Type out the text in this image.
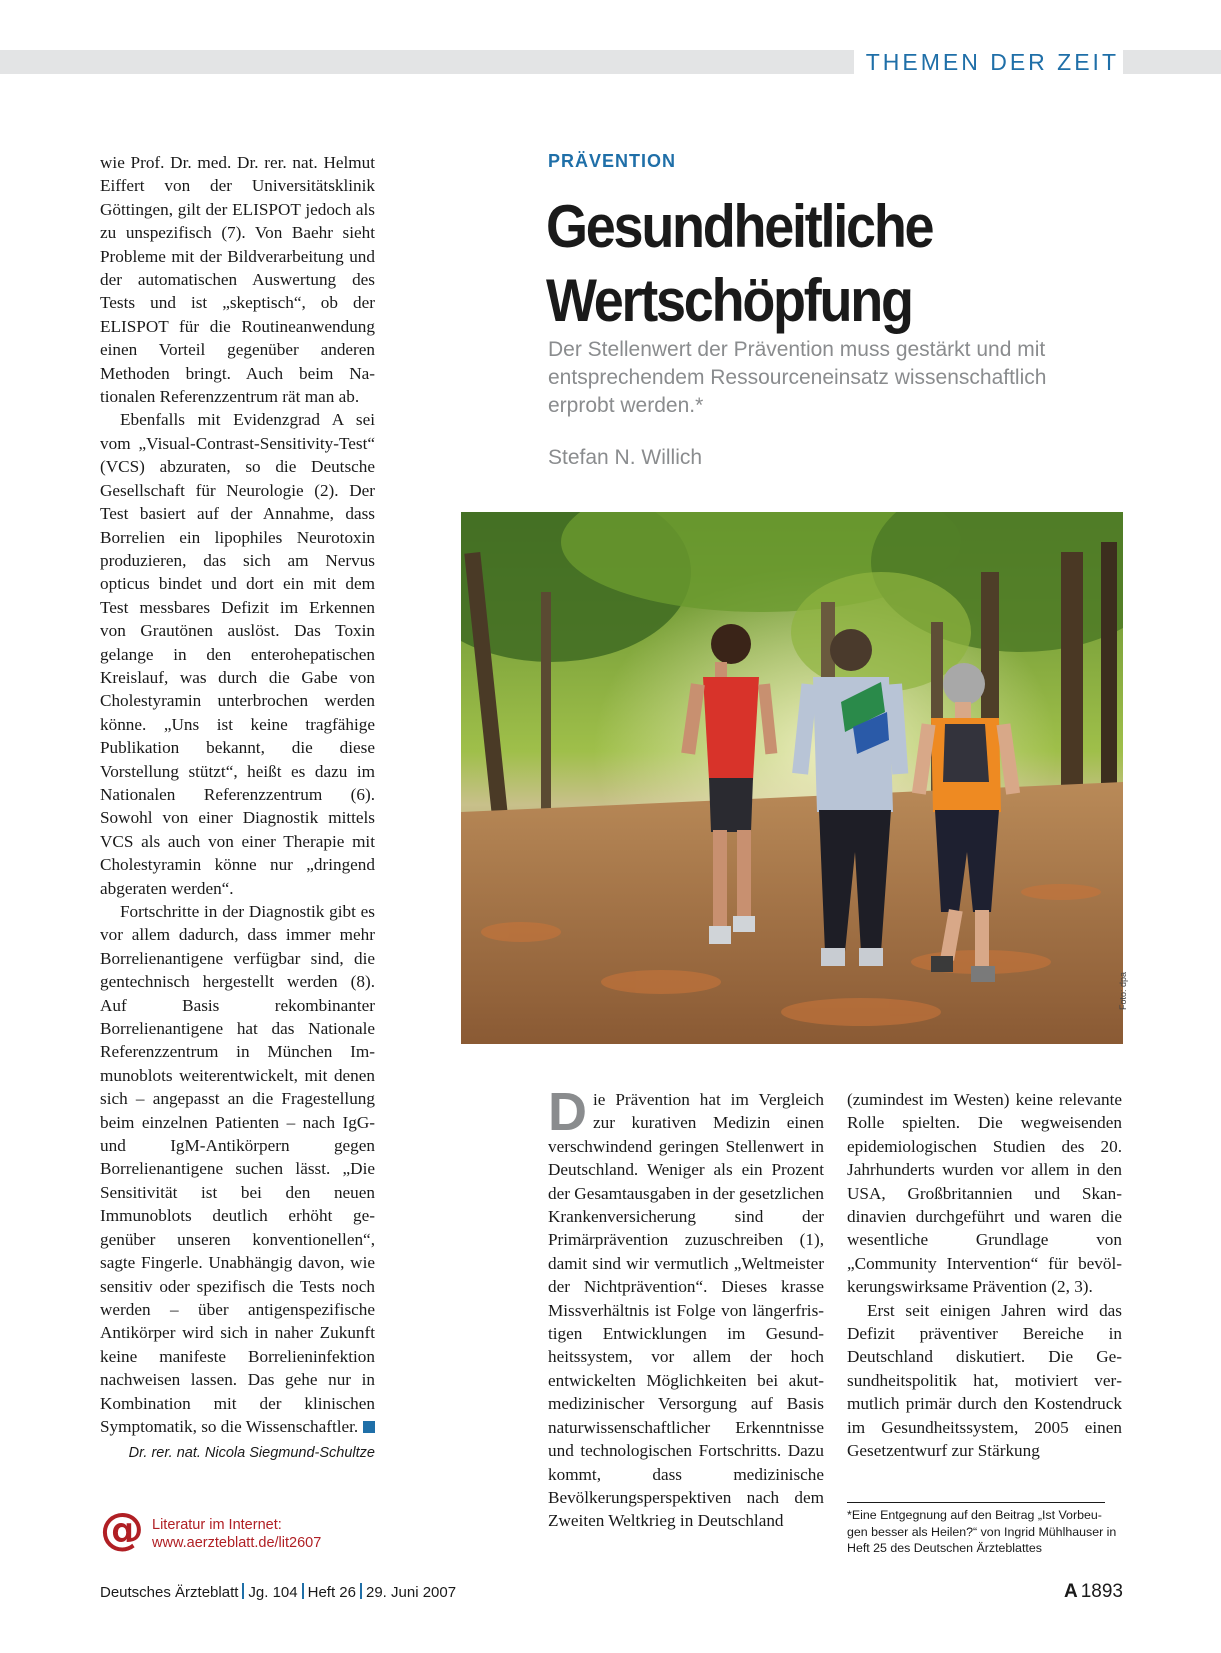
THEMEN DER ZEIT

wie Prof. Dr. med. Dr. rer. nat. Helmut Eiffert von der Universitätsklinik Göttingen, gilt der ELISPOT jedoch als zu unspezifisch (7). Von Baehr sieht Probleme mit der Bildverarbeitung und der automatischen Auswertung des Tests und ist „skeptisch“, ob der ELISPOT für die Routineanwendung einen Vorteil gegenüber anderen Methoden bringt. Auch beim Nationalen Referenzzentrum rät man ab.

Ebenfalls mit Evidenzgrad A sei vom „Visual-Contrast-Sensitivity-Test“ (VCS) abzuraten, so die Deutsche Gesellschaft für Neurologie (2). Der Test basiert auf der Annahme, dass Borrelien ein lipophiles Neurotoxin produzieren, das sich am Nervus opticus bindet und dort ein mit dem Test messbares Defizit im Erkennen von Grautönen auslöst. Das Toxin gelange in den enterohepatischen Kreislauf, was durch die Gabe von Cholestyramin unterbrochen werden könne. „Uns ist keine tragfähige Publikation bekannt, die diese Vorstellung stützt“, heißt es dazu im Nationalen Referenzzentrum (6). Sowohl von einer Diagnostik mittels VCS als auch von einer Therapie mit Cholestyramin könne nur „dringend abgeraten werden“.

Fortschritte in der Diagnostik gibt es vor allem dadurch, dass immer mehr Borrelienantigene verfügbar sind, die gentechnisch hergestellt werden (8). Auf Basis rekombinanter Borrelienantigene hat das Nationale Referenzzentrum in München Immunoblots weiterentwickelt, mit denen sich – angepasst an die Fragestellung beim einzelnen Patienten – nach IgG- und IgM-Antikörpern gegen Borrelienantigene suchen lässt. „Die Sensitivität ist bei den neuen Immunoblots deutlich erhöht gegenüber unseren konventionellen“, sagte Fingerle. Unabhängig davon, wie sensitiv oder spezifisch die Tests noch werden – über antigenspezifische Antikörper wird sich in naher Zukunft keine manifeste Borrelieninfektion nachweisen lassen. Das gehe nur in Kombination mit der klinischen Symptomatik, so die Wissenschaftler.

Dr. rer. nat. Nicola Siegmund-Schultze
@ Literatur im Internet:
www.aerzteblatt.de/lit2607
PRÄVENTION
Gesundheitliche
Wertschöpfung
Der Stellenwert der Prävention muss gestärkt und mit entsprechendem Ressourceneinsatz wissenschaftlich erprobt werden.*
Stefan N. Willich
Foto: dpa

Die Prävention hat im Vergleich zur kurativen Medizin einen verschwindend geringen Stellenwert in Deutschland. Weniger als ein Prozent der Gesamtausgaben in der gesetzlichen Krankenversicherung sind der Primärprävention zuzuschreiben (1), damit sind wir vermutlich „Weltmeister der Nichtprävention“. Dieses krasse Missverhältnis ist Folge von längerfristigen Entwicklungen im Gesundheitssystem, vor allem der hoch entwickelten Möglichkeiten bei akutmedizinischer Versorgung auf Basis naturwissenschaftlicher Erkenntnisse und technologischen Fortschritts. Dazu kommt, dass medizinische Bevölkerungsperspektiven nach dem Zweiten Weltkrieg in Deutschland

(zumindest im Westen) keine relevante Rolle spielten. Die wegweisenden epidemiologischen Studien des 20. Jahrhunderts wurden vor allem in den USA, Großbritannien und Skandinavien durchgeführt und waren die wesentliche Grundlage von „Community Intervention“ für bevölkerungswirksame Prävention (2, 3).

Erst seit einigen Jahren wird das Defizit präventiver Bereiche in Deutschland diskutiert. Die Gesundheitspolitik hat, motiviert vermutlich primär durch den Kostendruck im Gesundheitssystem, 2005 einen Gesetzentwurf zur Stärkung

*Eine Entgegnung auf den Beitrag „Ist Vorbeugen besser als Heilen?“ von Ingrid Mühlhauser in Heft 25 des Deutschen Ärzteblattes
Deutsches Ärzteblatt Jg. 104 Heft 26 29. Juni 2007	A 1893
